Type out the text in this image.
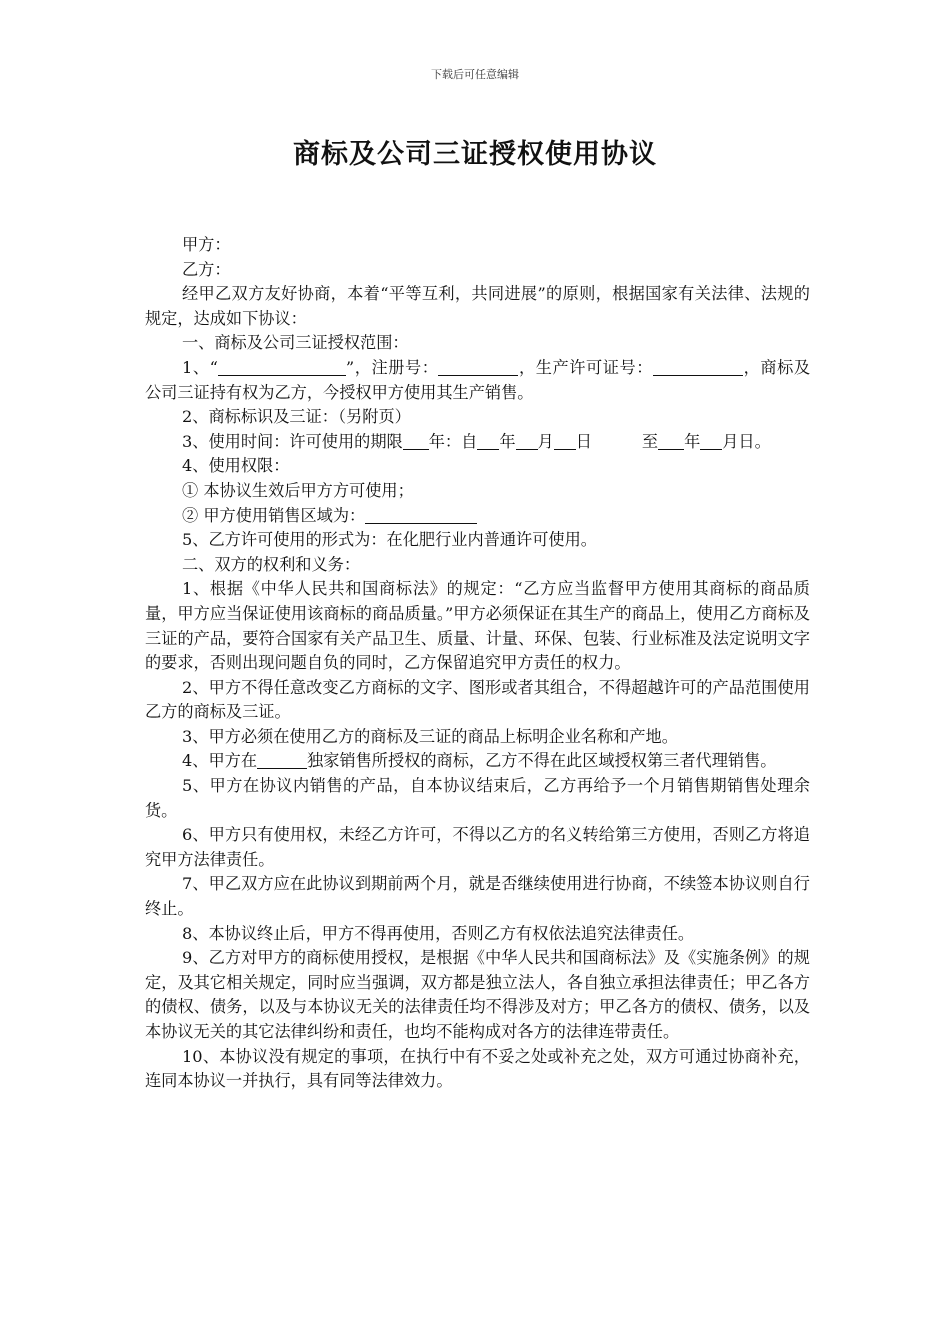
下载后可任意编辑
商标及公司三证授权使用协议

甲方：

乙方：

经甲乙双方友好协商，本着“平等互利，共同进展”的原则，根据国家有关法律、法规的规定，达成如下协议：

一、商标及公司三证授权范围：

1、“	”，注册号：	，生产许可证号：	，商标及公司三证持有权为乙方，今授权甲方使用其生产销售。

2、商标标识及三证：（另附页）

3、使用时间：许可使用的期限 年：自 年 月 日	至 年 月日。

4、使用权限：

① 本协议生效后甲方方可使用；

② 甲方使用销售区域为：

5、乙方许可使用的形式为：在化肥行业内普通许可使用。

二、双方的权利和义务：

1、根据《中华人民共和国商标法》的规定：“乙方应当监督甲方使用其商标的商品质量，甲方应当保证使用该商标的商品质量。”甲方必须保证在其生产的商品上，使用乙方商标及三证的产品，要符合国家有关产品卫生、质量、计量、环保、包装、行业标准及法定说明文字的要求，否则出现问题自负的同时，乙方保留追究甲方责任的权力。

2、甲方不得任意改变乙方商标的文字、图形或者其组合，不得超越许可的产品范围使用乙方的商标及三证。

3、甲方必须在使用乙方的商标及三证的商品上标明企业名称和产地。

4、甲方在	独家销售所授权的商标，乙方不得在此区域授权第三者代理销售。

5、甲方在协议内销售的产品，自本协议结束后，乙方再给予一个月销售期销售处理余货。

6、甲方只有使用权，未经乙方许可，不得以乙方的名义转给第三方使用，否则乙方将追究甲方法律责任。

7、甲乙双方应在此协议到期前两个月，就是否继续使用进行协商，不续签本协议则自行终止。

8、本协议终止后，甲方不得再使用，否则乙方有权依法追究法律责任。

9、乙方对甲方的商标使用授权，是根据《中华人民共和国商标法》及《实施条例》的规定，及其它相关规定，同时应当强调，双方都是独立法人，各自独立承担法律责任；甲乙各方的债权、债务，以及与本协议无关的法律责任均不得涉及对方；甲乙各方的债权、债务，以及本协议无关的其它法律纠纷和责任，也均不能构成对各方的法律连带责任。

10、本协议没有规定的事项，在执行中有不妥之处或补充之处，双方可通过协商补充，连同本协议一并执行，具有同等法律效力。
